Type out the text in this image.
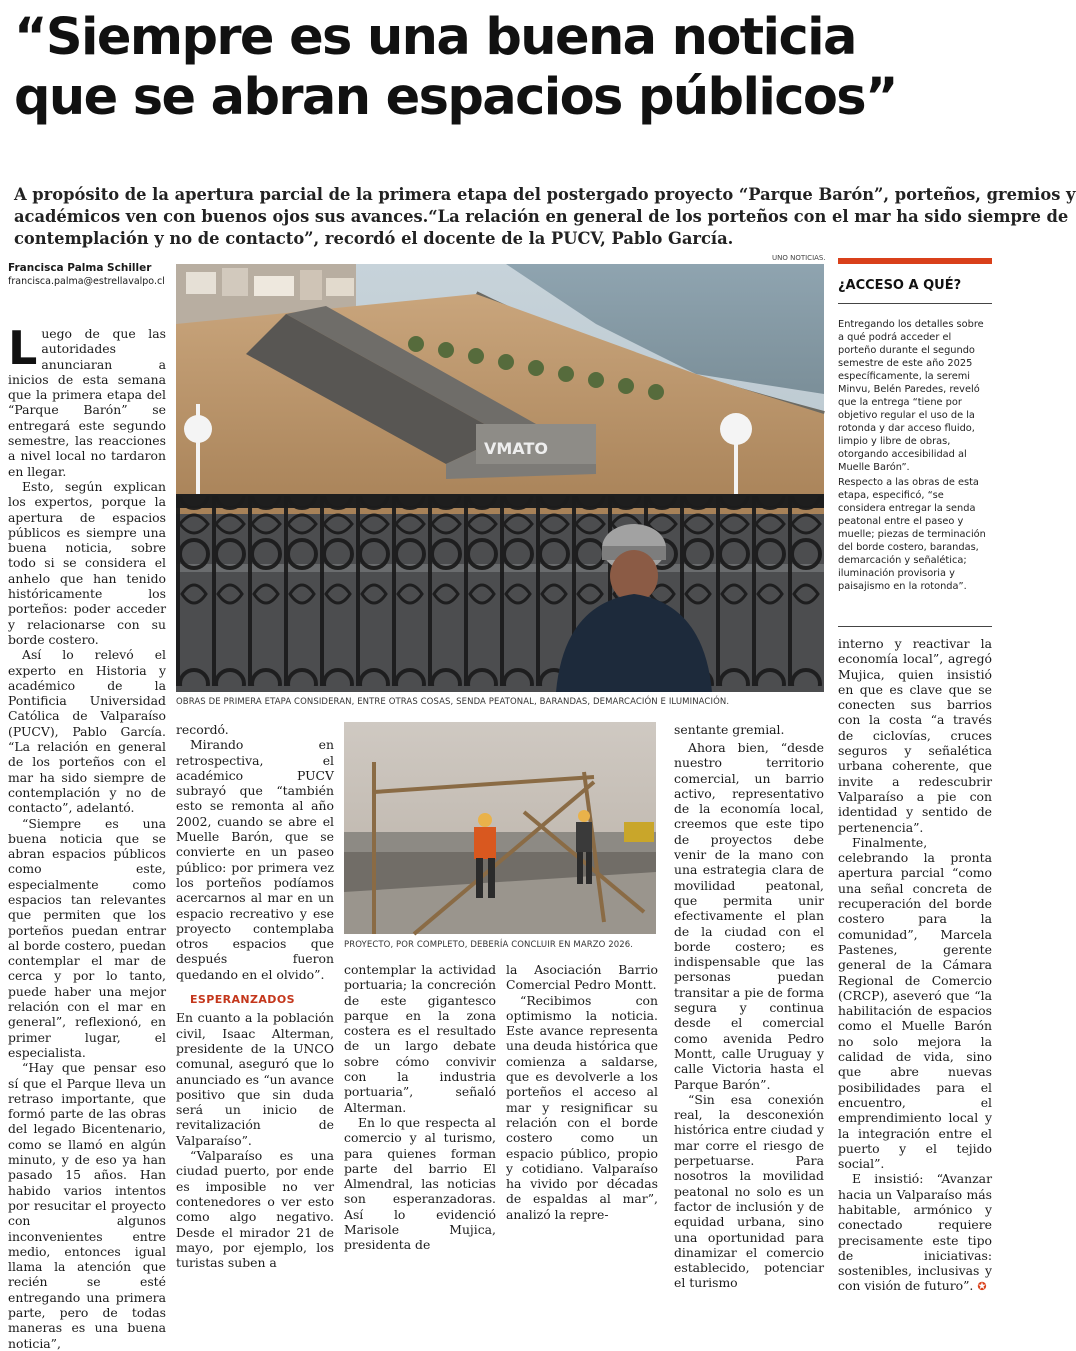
“Siempre es una buena noticia
que se abran espacios públicos”
A propósito de la apertura parcial de la primera etapa del postergado proyecto “Parque Barón”, porteños, gremios y
académicos ven con buenos ojos sus avances.“La relación en general de los porteños con el mar ha sido siempre de
contemplación y no de contacto”, recordó el docente de la PUCV, Pablo García.
Francisca Palma Schiller
francisca.palma@estrellavalpo.cl
UNO NOTICIAS.
VMATO
OBRAS DE PRIMERA ETAPA CONSIDERAN, ENTRE OTRAS COSAS, SENDA PEATONAL, BARANDAS, DEMARCACIÓN E ILUMINACIÓN.
PROYECTO, POR COMPLETO, DEBERÍA CONCLUIR EN MARZO 2026.

Luego de que las autoridades anunciaran a inicios de esta semana que la primera etapa del “Parque Barón” se entregará este segundo semestre, las reacciones a nivel local no tardaron en llegar.

Esto, según explican los expertos, porque la apertura de espacios públicos es siempre una buena noticia, sobre todo si se considera el anhelo que han tenido históricamente los porteños: poder acceder y relacionarse con su borde costero.

Así lo relevó el experto en Historia y académico de la Pontificia Universidad Católica de Valparaíso (PUCV), Pablo García. “La relación en general de los porteños con el mar ha sido siempre de contemplación y no de contacto”, adelantó.

“Siempre es una buena noticia que se abran espacios públicos como este, especialmente como espacios tan relevantes que permiten que los porteños puedan entrar al borde costero, puedan contemplar el mar de cerca y por lo tanto, puede haber una mejor relación con el mar en general”, reflexionó, en primer lugar, el especialista.

“Hay que pensar eso sí que el Parque lleva un retraso importante, que formó parte de las obras del legado Bicentenario, como se llamó en algún minuto, y de eso ya han pasado 15 años. Han habido varios intentos por resucitar el proyecto con algunos inconvenientes entre medio, entonces igual llama la atención que recién se esté entregando una primera parte, pero de todas maneras es una buena noticia”,

recordó.

Mirando en retrospectiva, el académico PUCV subrayó que “también esto se remonta al año 2002, cuando se abre el Muelle Barón, que se convierte en un paseo público: por primera vez los porteños podíamos acercarnos al mar en un espacio recreativo y ese proyecto contemplaba otros espacios que después fueron quedando en el olvido”.

ESPERANZADOS

En cuanto a la población civil, Isaac Alterman, presidente de la UNCO comunal, aseguró que lo anunciado es “un avance positivo que sin duda será un inicio de revitalización de Valparaíso”.

“Valparaíso es una ciudad puerto, por ende es imposible no ver contenedores o ver esto como algo negativo. Desde el mirador 21 de mayo, por ejemplo, los turistas suben a

contemplar la actividad portuaria; la concreción de este gigantesco parque en la zona costera es el resultado de un largo debate sobre cómo convivir con la industria portuaria”, señaló Alterman.

En lo que respecta al comercio y al turismo, para quienes forman parte del barrio El Almendral, las noticias son esperanzadoras. Así lo evidenció Marisole Mujica, presidenta de

la Asociación Barrio Comercial Pedro Montt.

“Recibimos con optimismo la noticia. Este avance representa una deuda histórica que comienza a saldarse, que es devolverle a los porteños el acceso al mar y resignificar su relación con el borde costero como un espacio público, propio y cotidiano. Valparaíso ha vivido por décadas de espaldas al mar”, analizó la repre-

sentante gremial.

Ahora bien, “desde nuestro territorio comercial, un barrio activo, representativo de la economía local, creemos que este tipo de proyectos debe venir de la mano con una estrategia clara de movilidad peatonal, que permita unir efectivamente el plan de la ciudad con el borde costero; es indispensable que las personas puedan transitar a pie de forma segura y continua desde el comercial como avenida Pedro Montt, calle Uruguay y calle Victoria hasta el Parque Barón”.

“Sin esa conexión real, la desconexión histórica entre ciudad y mar corre el riesgo de perpetuarse. Para nosotros la movilidad peatonal no solo es un factor de inclusión y de equidad urbana, sino una oportunidad para dinamizar el comercio establecido, potenciar el turismo

interno y reactivar la economía local”, agregó Mujica, quien insistió en que es clave que se conecten sus barrios con la costa “a través de ciclovías, cruces seguros y señalética urbana coherente, que invite a redescubrir Valparaíso a pie con identidad y sentido de pertenencia”.

Finalmente, celebrando la pronta apertura parcial “como una señal concreta de recuperación del borde costero para la comunidad”, Marcela Pastenes, gerente general de la Cámara Regional de Comercio (CRCP), aseveró que “la habilitación de espacios como el Muelle Barón no solo mejora la calidad de vida, sino que abre nuevas posibilidades para el encuentro, el emprendimiento local y la integración entre el puerto y el tejido social”.

E insistió: “Avanzar hacia un Valparaíso más habitable, armónico y conectado requiere precisamente este tipo de iniciativas: sostenibles, inclusivas y con visión de futuro”. ✪

¿ACCESO A QUÉ?

Entregando los detalles sobre a qué podrá acceder el porteño durante el segundo semestre de este año 2025 específicamente, la seremi Minvu, Belén Paredes, reveló que la entrega “tiene por objetivo regular el uso de la rotonda y dar acceso fluido, limpio y libre de obras, otorgando accesibilidad al Muelle Barón”.

Respecto a las obras de esta etapa, especificó, “se considera entregar la senda peatonal entre el paseo y muelle; piezas de terminación del borde costero, barandas, demarcación y señalética; iluminación provisoria y paisajismo en la rotonda”.
